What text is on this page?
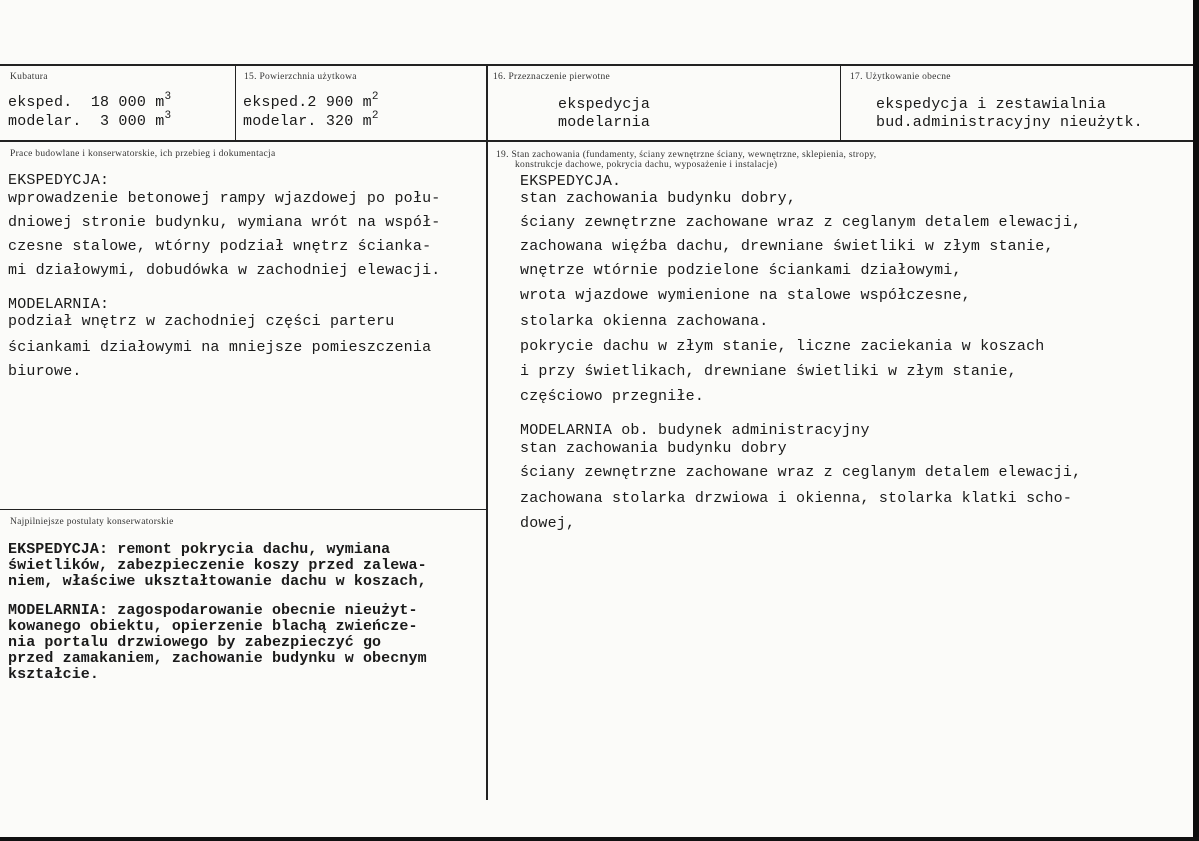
Kubatura
eksped.  18 000 $m^3$
modelar.  3 000 $m^3$
15. Powierzchnia użytkowa
eksped.2 900 $m^2$
modelar. 320 $m^2$
16. Przeznaczenie pierwotne
ekspedycja
modelarnia
17. Użytkowanie obecne
ekspedycja i zestawialnia
bud.administracyjny nieużytk.
Prace budowlane i konserwatorskie, ich przebieg i dokumentacja
EKSPEDYCJA:
wprowadzenie betonowej rampy wjazdowej po połu-
dniowej stronie budynku, wymiana wrót na współ-
czesne stalowe, wtórny podział wnętrz ścianka-
mi działowymi, dobudówka w zachodniej elewacji.
MODELARNIA:
podział wnętrz w zachodniej części parteru
ściankami działowymi na mniejsze pomieszczenia
biurowe.
Najpilniejsze postulaty konserwatorskie
EKSPEDYCJA: remont pokrycia dachu, wymiana
świetlików, zabezpieczenie koszy przed zalewa-
niem, właściwe ukształtowanie dachu w koszach,
MODELARNIA: zagospodarowanie obecnie nieużyt-
kowanego obiektu, opierzenie blachą zwieńcze-
nia portalu drzwiowego by zabezpieczyć go
przed zamakaniem, zachowanie budynku w obecnym
kształcie.
19. Stan zachowania (fundamenty, ściany zewnętrzne ściany, wewnętrzne, sklepienia, stropy,
konstrukcje dachowe, pokrycia dachu, wyposażenie i instalacje)
EKSPEDYCJA.
stan zachowania budynku dobry,
ściany zewnętrzne zachowane wraz z ceglanym detalem elewacji,
zachowana więźba dachu, drewniane świetliki w złym stanie,
wnętrze wtórnie podzielone ściankami działowymi,
wrota wjazdowe wymienione na stalowe współczesne,
stolarka okienna zachowana.
pokrycie dachu w złym stanie, liczne zaciekania w koszach
i przy świetlikach, drewniane świetliki w złym stanie,
częściowo przegniłe.
MODELARNIA ob. budynek administracyjny
stan zachowania budynku dobry
ściany zewnętrzne zachowane wraz z ceglanym detalem elewacji,
zachowana stolarka drzwiowa i okienna, stolarka klatki scho-
dowej,
